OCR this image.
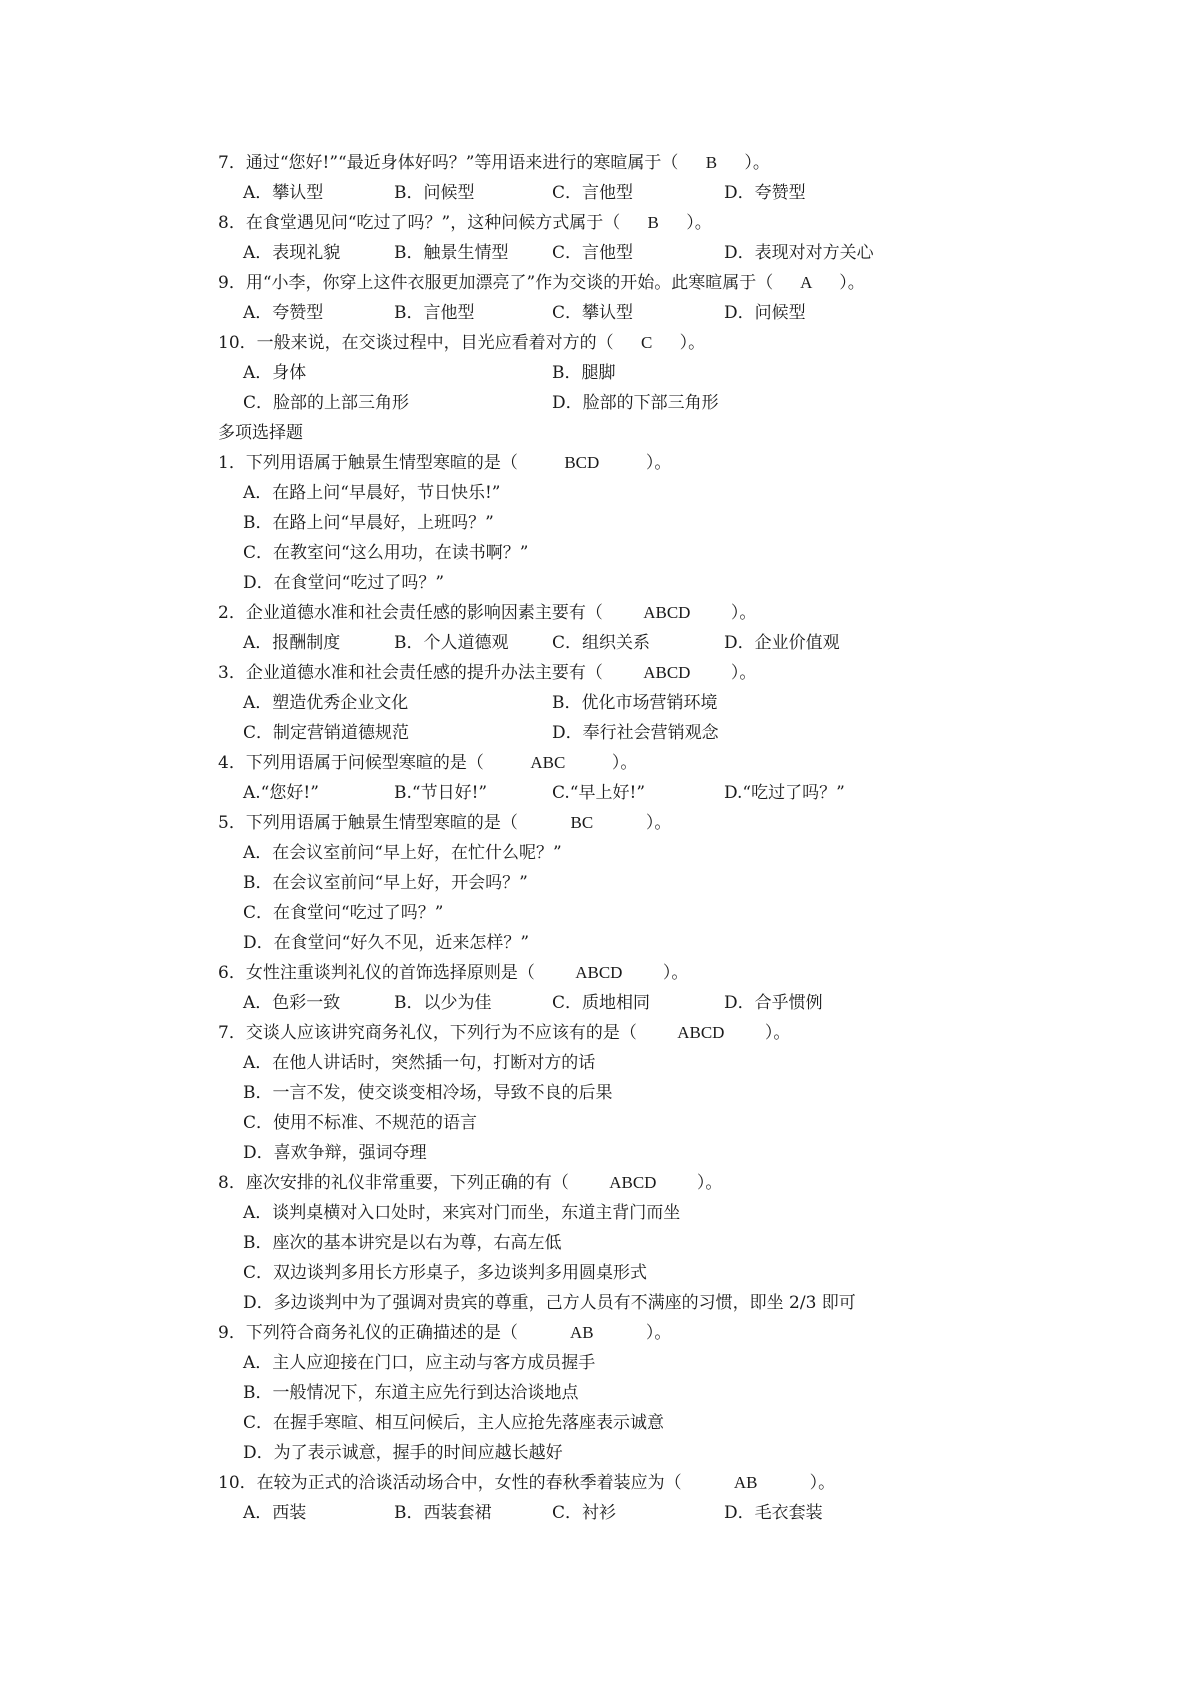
7．通过“您好!”“最近身体好吗？”等用语来进行的寒暄属于（ B ）。
A．攀认型	B．问候型	C．言他型	D．夸赞型
8．在食堂遇见问“吃过了吗？”，这种问候方式属于（ B ）。
A．表现礼貌	B．触景生情型	C．言他型	D．表现对对方关心
9．用“小李，你穿上这件衣服更加漂亮了”作为交谈的开始。此寒暄属于（ A ）。
A．夸赞型	B．言他型	C．攀认型	D．问候型
10．一般来说，在交谈过程中，目光应看着对方的（ C ）。
A．身体	B．腿脚
C．脸部的上部三角形	D．脸部的下部三角形
多项选择题
1．下列用语属于触景生情型寒暄的是（	BCD	）。
A．在路上问“早晨好，节日快乐!”
B．在路上问“早晨好，上班吗？”
C．在教室问“这么用功，在读书啊？”
D．在食堂问“吃过了吗？”
2．企业道德水准和社会责任感的影响因素主要有（ ABCD ）。
A．报酬制度	B．个人道德观	C．组织关系	D．企业价值观
3．企业道德水准和社会责任感的提升办法主要有（ ABCD ）。
A．塑造优秀企业文化	B．优化市场营销环境
C．制定营销道德规范	D．奉行社会营销观念
4．下列用语属于问候型寒暄的是（	ABC	）。
A.“您好!”	B.“节日好!”	C.“早上好!”	D.“吃过了吗？”
5．下列用语属于触景生情型寒暄的是（	BC	）。
A．在会议室前问“早上好，在忙什么呢？”
B．在会议室前问“早上好，开会吗？”
C．在食堂问“吃过了吗？”
D．在食堂问“好久不见，近来怎样？”
6．女性注重谈判礼仪的首饰选择原则是（ ABCD ）。
A．色彩一致	B．以少为佳	C．质地相同	D．合乎惯例
7．交谈人应该讲究商务礼仪，下列行为不应该有的是（ ABCD ）。
A．在他人讲话时，突然插一句，打断对方的话
B．一言不发，使交谈变相冷场，导致不良的后果
C．使用不标准、不规范的语言
D．喜欢争辩，强词夺理
8．座次安排的礼仪非常重要，下列正确的有（ ABCD ）。
A．谈判桌横对入口处时，来宾对门而坐，东道主背门而坐
B．座次的基本讲究是以右为尊，右高左低
C．双边谈判多用长方形桌子，多边谈判多用圆桌形式
D．多边谈判中为了强调对贵宾的尊重，己方人员有不满座的习惯，即坐 2/3 即可
9．下列符合商务礼仪的正确描述的是（	AB	）。
A．主人应迎接在门口，应主动与客方成员握手
B．一般情况下，东道主应先行到达洽谈地点
C．在握手寒暄、相互问候后，主人应抢先落座表示诚意
D．为了表示诚意，握手的时间应越长越好
10．在较为正式的洽谈活动场合中，女性的春秋季着装应为（	AB	）。
A．西装	B．西装套裙	C．衬衫	D．毛衣套装
